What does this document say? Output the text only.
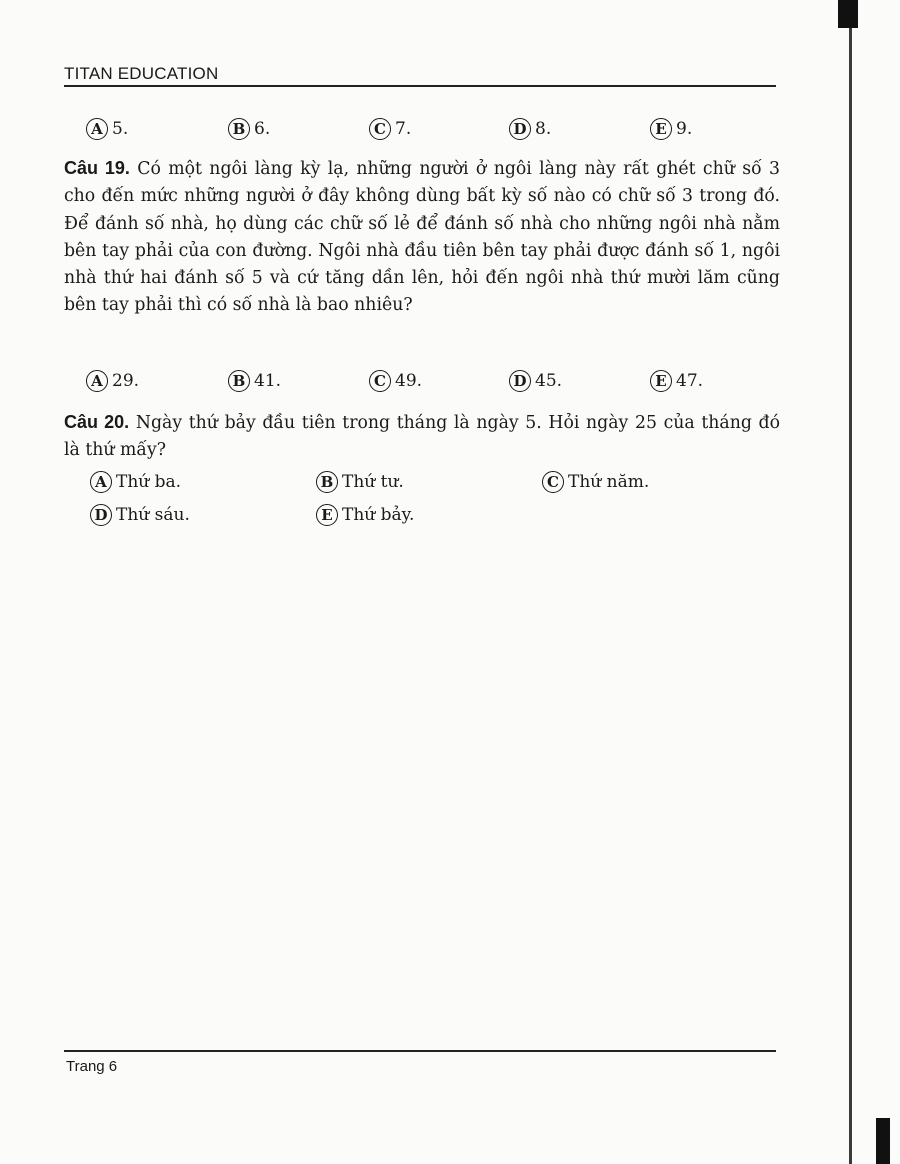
TITAN EDUCATION
A 5.	B 6.	C 7.	D 8.	E 9.

Câu 19. Có một ngôi làng kỳ lạ, những người ở ngôi làng này rất ghét chữ số 3 cho đến mức những người ở đây không dùng bất kỳ số nào có chữ số 3 trong đó. Để đánh số nhà, họ dùng các chữ số lẻ để đánh số nhà cho những ngôi nhà nằm bên tay phải của con đường. Ngôi nhà đầu tiên bên tay phải được đánh số 1, ngôi nhà thứ hai đánh số 5 và cứ tăng dần lên, hỏi đến ngôi nhà thứ mười lăm cũng bên tay phải thì có số nhà là bao nhiêu?

A 29.	B 41.	C 49.	D 45.	E 47.

Câu 20. Ngày thứ bảy đầu tiên trong tháng là ngày 5. Hỏi ngày 25 của tháng đó là thứ mấy?

A Thứ ba.	B Thứ tư.	C Thứ năm.
D Thứ sáu.	E Thứ bảy.
Trang 6
